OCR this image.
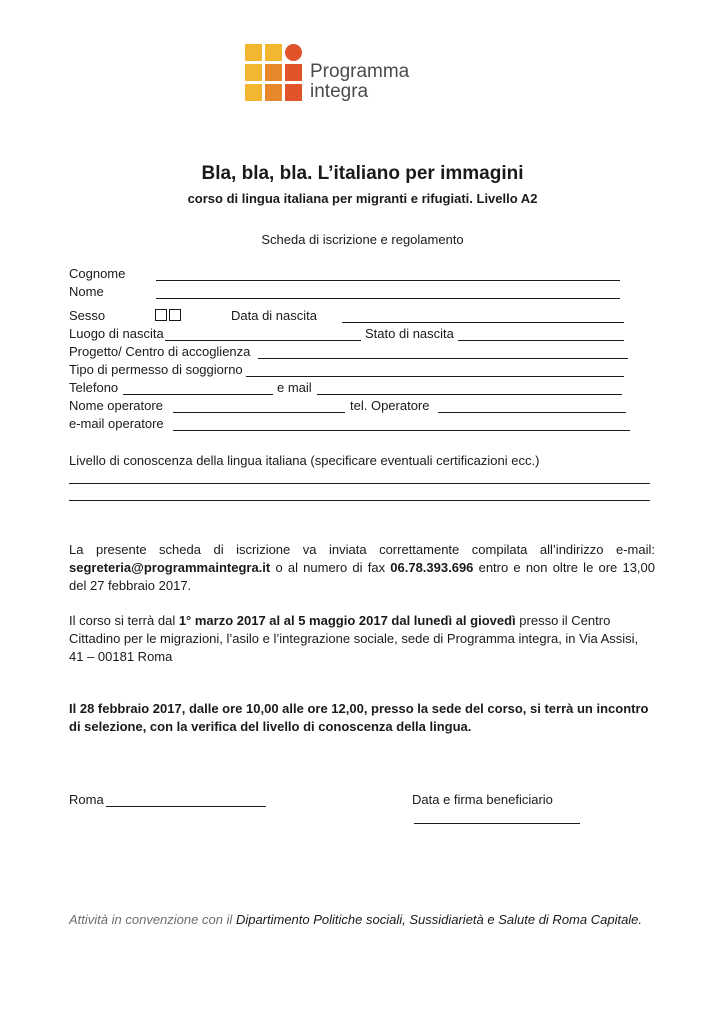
Programma
integra
Bla, bla, bla. L’italiano per immagini
corso di lingua italiana per migranti e rifugiati. Livello A2
Scheda di iscrizione e regolamento
Cognome
Nome
Sesso	Data di nascita
Luogo di nascita	Stato di nascita
Progetto/ Centro di accoglienza
Tipo di permesso di soggiorno
Telefono	e mail
Nome operatore	tel. Operatore
e-mail operatore
Livello di conoscenza della lingua italiana (specificare eventuali certificazioni ecc.)
La presente scheda di iscrizione va inviata correttamente compilata all’indirizzo e-mail: segreteria@programmaintegra.it o al numero di fax 06.78.393.696 entro e non oltre le ore 13,00 del 27 febbraio 2017.
Il corso si terrà dal 1° marzo 2017 al al 5 maggio 2017 dal lunedì al giovedì presso il Centro Cittadino per le migrazioni, l’asilo e l’integrazione sociale, sede di Programma integra, in Via Assisi, 41 – 00181 Roma
Il 28 febbraio 2017, dalle ore 10,00 alle ore 12,00, presso la sede del corso, si terrà un incontro di selezione, con la verifica del livello di conoscenza della lingua.
Roma	Data e firma beneficiario
Attività in convenzione con il Dipartimento Politiche sociali, Sussidiarietà e Salute di Roma Capitale.
